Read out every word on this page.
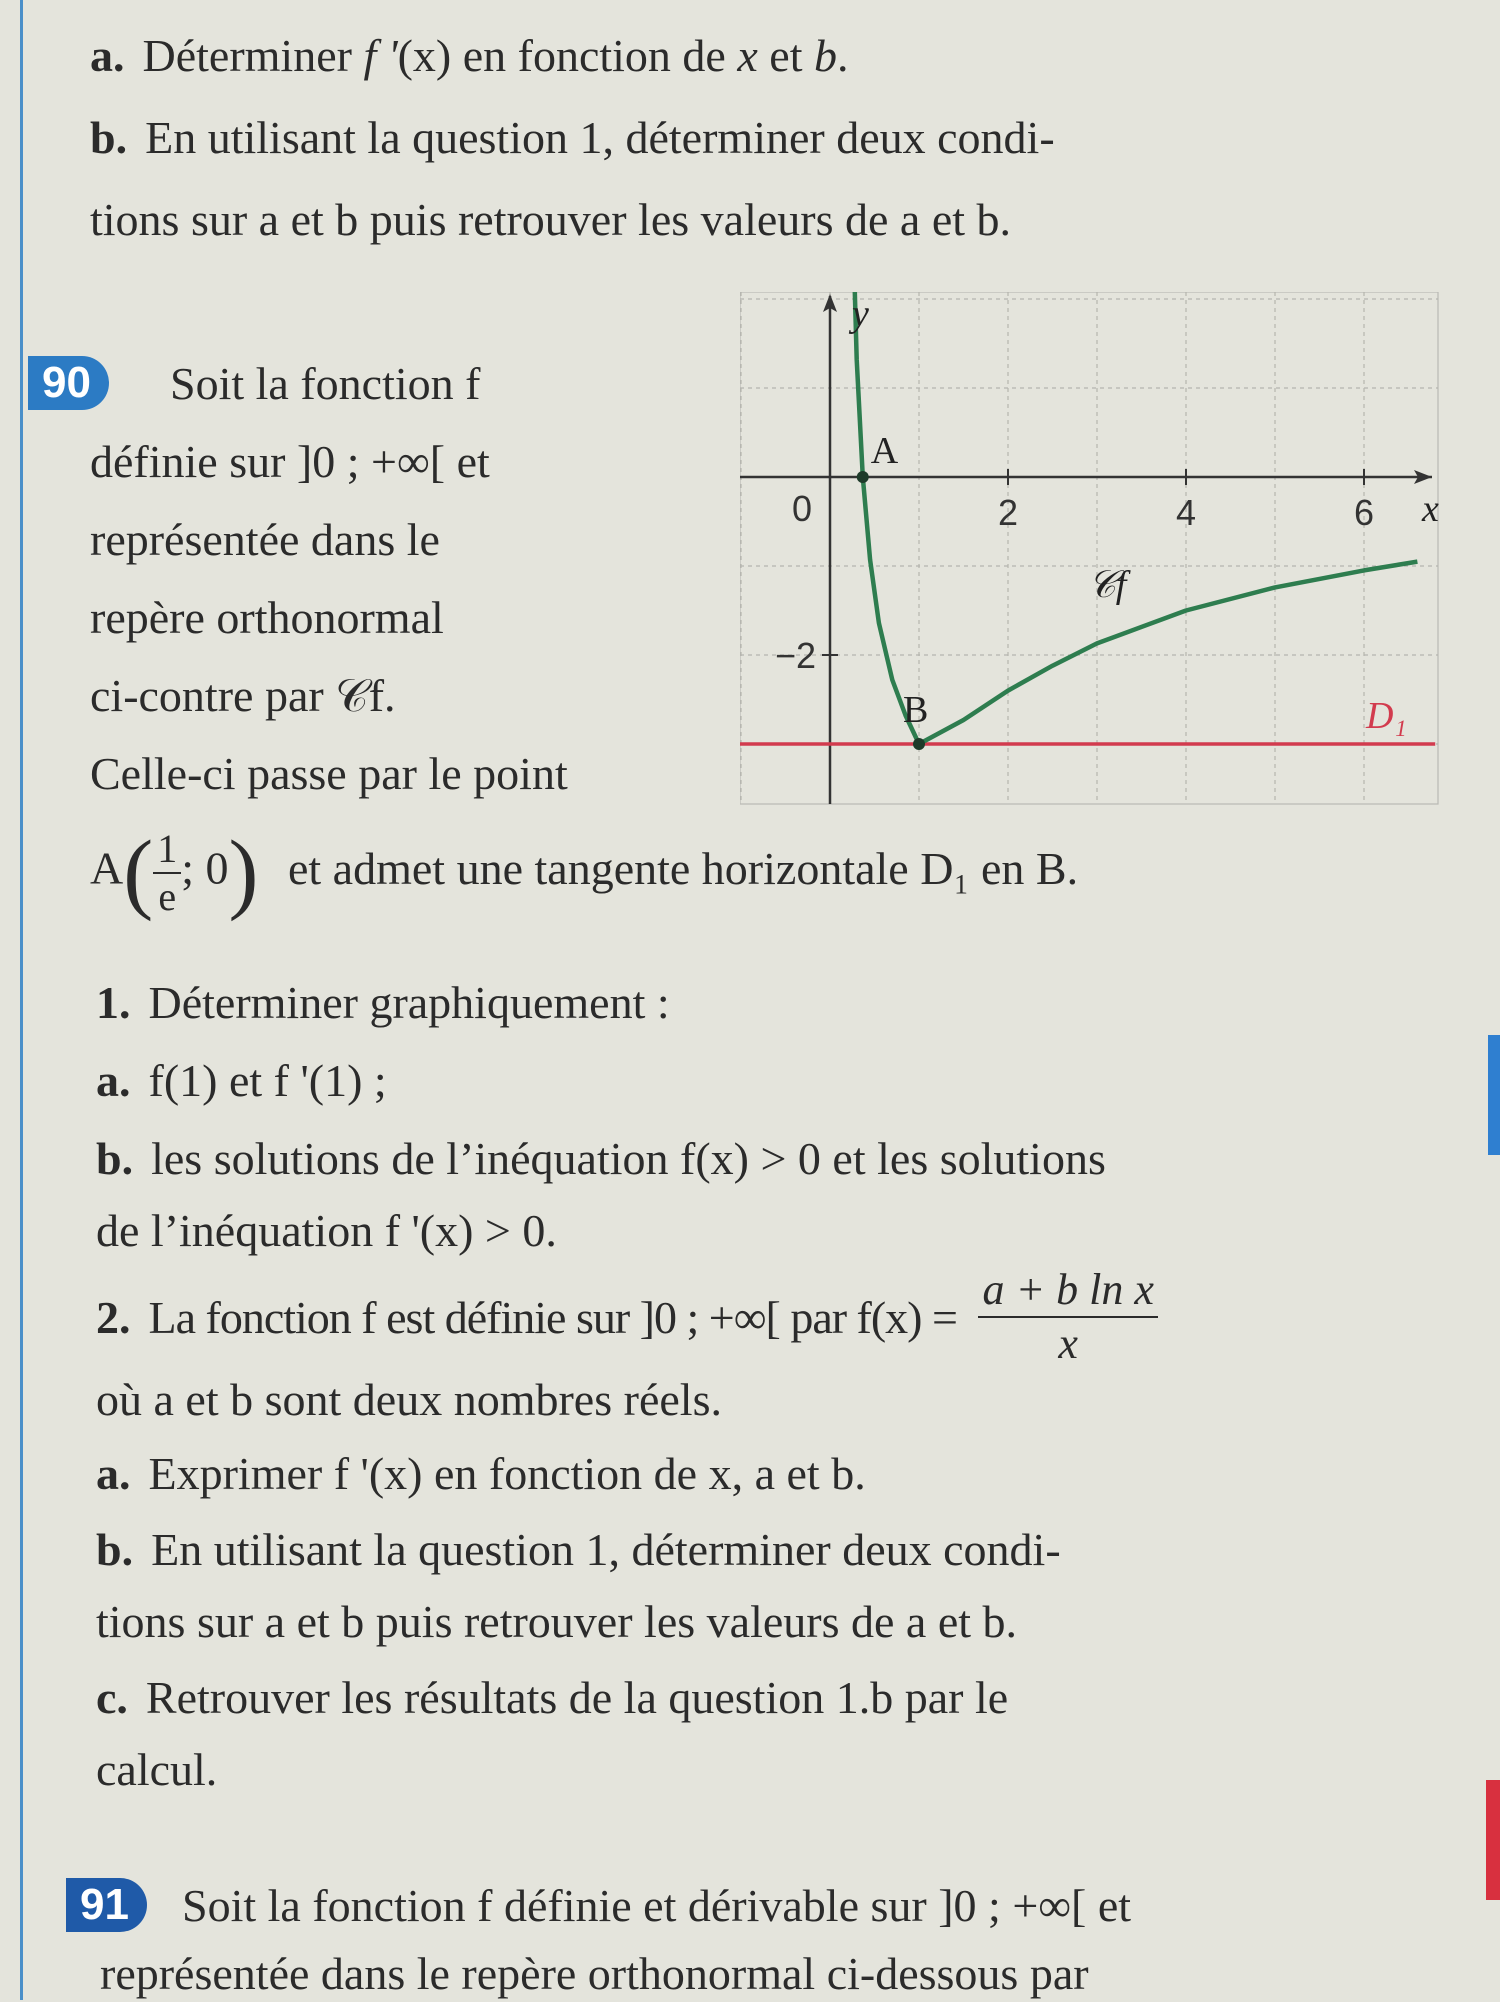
a. Déterminer f '(x) en fonction de x et b.
b. En utilisant la question 1, déterminer deux condi-
tions sur a et b puis retrouver les valeurs de a et b.
90	Soit la fonction f
définie sur ]0 ; +∞[ et
représentée dans le
repère orthonormal
ci-contre par 𝒞f.
Celle-ci passe par le point
$A( \frac{1}{e}$ ; 0) et admet une tangente horizontale D₁ en B.
1. Déterminer graphiquement :
a. f(1) et f '(1) ;
b. les solutions de l’inéquation f(x) > 0 et les solutions
de l’inéquation f '(x) > 0.
2. La fonction f est définie sur ]0 ; +∞[ par $f(x) = \frac{\text{a + b ln x}}{x}$
où a et b sont deux nombres réels.
a. Exprimer f '(x) en fonction de x, a et b.
b. En utilisant la question 1, déterminer deux condi-
tions sur a et b puis retrouver les valeurs de a et b.
c. Retrouver les résultats de la question 1.b par le
calcul.
91	Soit la fonction f définie et dérivable sur ]0 ; +∞[ et
représentée dans le repère orthonormal ci-dessous par
2	4	6
−2
0	x
y
A
B
𝒞f
D₁
